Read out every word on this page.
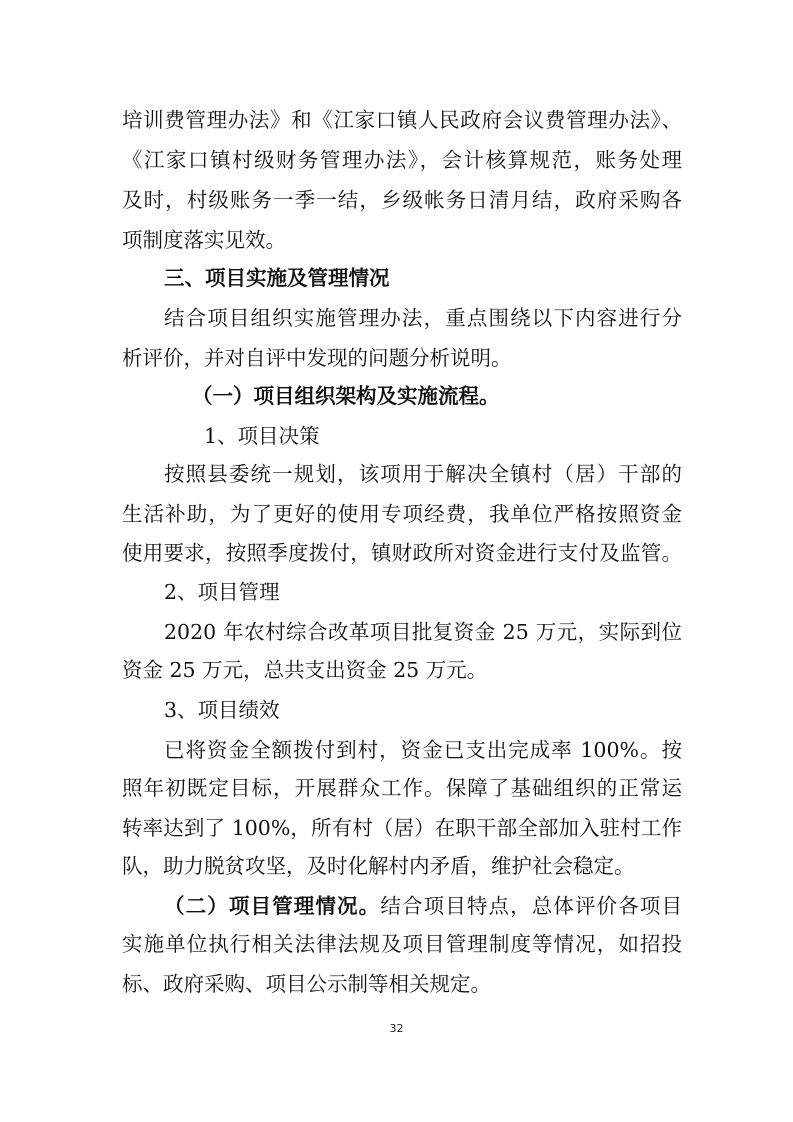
培训费管理办法》和《江家口镇人民政府会议费管理办法》、
《江家口镇村级财务管理办法》，会计核算规范，账务处理
及时，村级账务一季一结，乡级帐务日清月结，政府采购各
项制度落实见效。
三、项目实施及管理情况
结合项目组织实施管理办法，重点围绕以下内容进行分
析评价，并对自评中发现的问题分析说明。
（一）项目组织架构及实施流程。
1、项目决策
按照县委统一规划，该项用于解决全镇村（居）干部的
生活补助，为了更好的使用专项经费，我单位严格按照资金
使用要求，按照季度拨付，镇财政所对资金进行支付及监管。
2、项目管理
2020 年农村综合改革项目批复资金 25 万元，实际到位
资金 25 万元，总共支出资金 25 万元。
3、项目绩效
已将资金全额拨付到村，资金已支出完成率 100%。按
照年初既定目标，开展群众工作。保障了基础组织的正常运
转率达到了 100%，所有村（居）在职干部全部加入驻村工作
队，助力脱贫攻坚，及时化解村内矛盾，维护社会稳定。
（二）项目管理情况。结合项目特点，总体评价各项目
实施单位执行相关法律法规及项目管理制度等情况，如招投
标、政府采购、项目公示制等相关规定。
32
